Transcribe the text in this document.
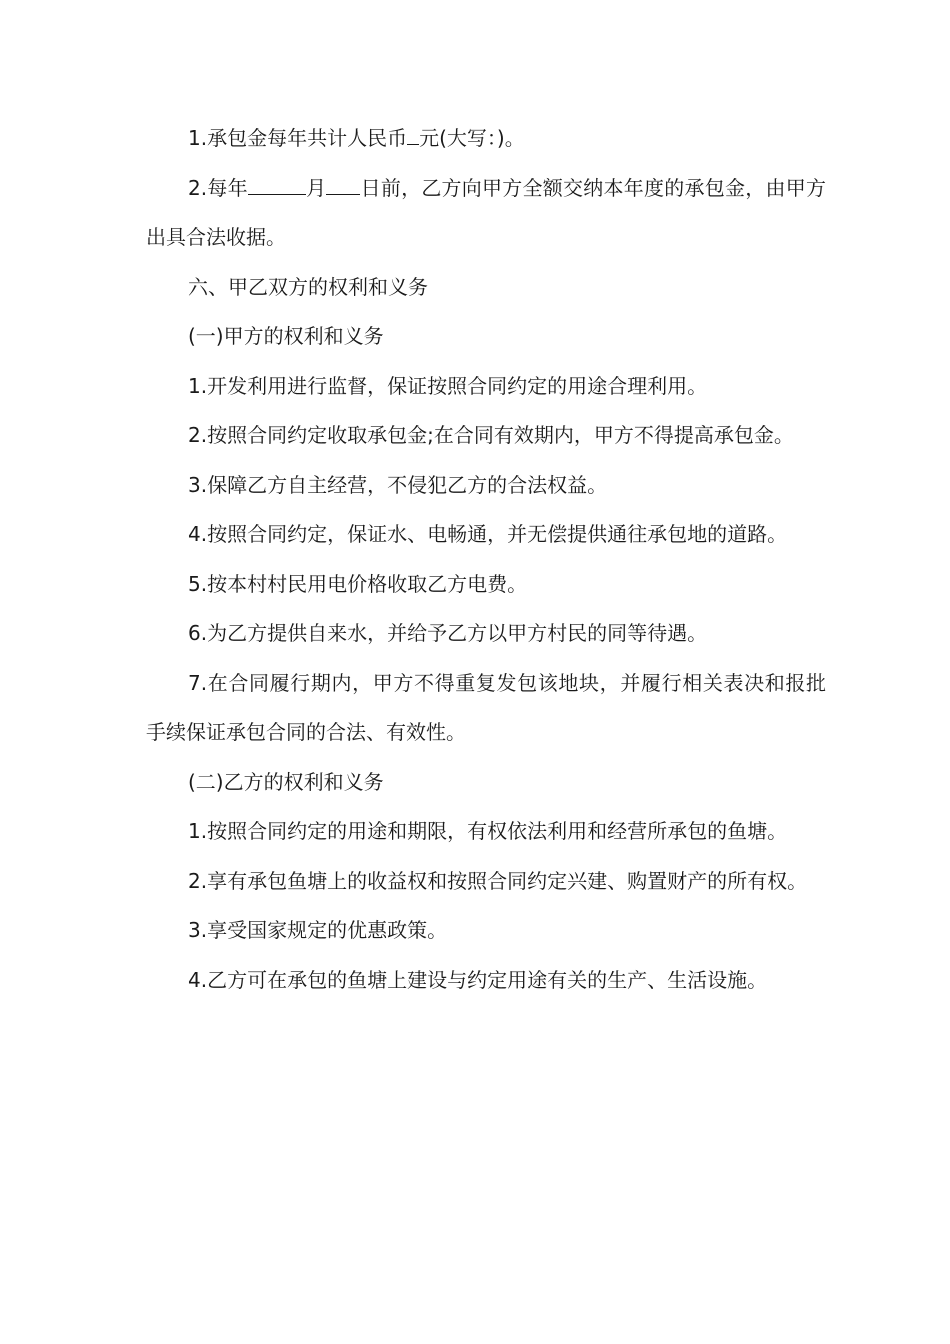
1.承包金每年共计人民币 元(大写：)。

2.每年	月 日前，乙方向甲方全额交纳本年度的承包金，由甲方出具合法收据。

六、甲乙双方的权利和义务

(一)甲方的权利和义务

1.开发利用进行监督，保证按照合同约定的用途合理利用。

2.按照合同约定收取承包金;在合同有效期内，甲方不得提高承包金。

3.保障乙方自主经营，不侵犯乙方的合法权益。

4.按照合同约定，保证水、电畅通，并无偿提供通往承包地的道路。

5.按本村村民用电价格收取乙方电费。

6.为乙方提供自来水，并给予乙方以甲方村民的同等待遇。

7.在合同履行期内，甲方不得重复发包该地块，并履行相关表决和报批手续保证承包合同的合法、有效性。

(二)乙方的权利和义务

1.按照合同约定的用途和期限，有权依法利用和经营所承包的鱼塘。

2.享有承包鱼塘上的收益权和按照合同约定兴建、购置财产的所有权。

3.享受国家规定的优惠政策。

4.乙方可在承包的鱼塘上建设与约定用途有关的生产、生活设施。
